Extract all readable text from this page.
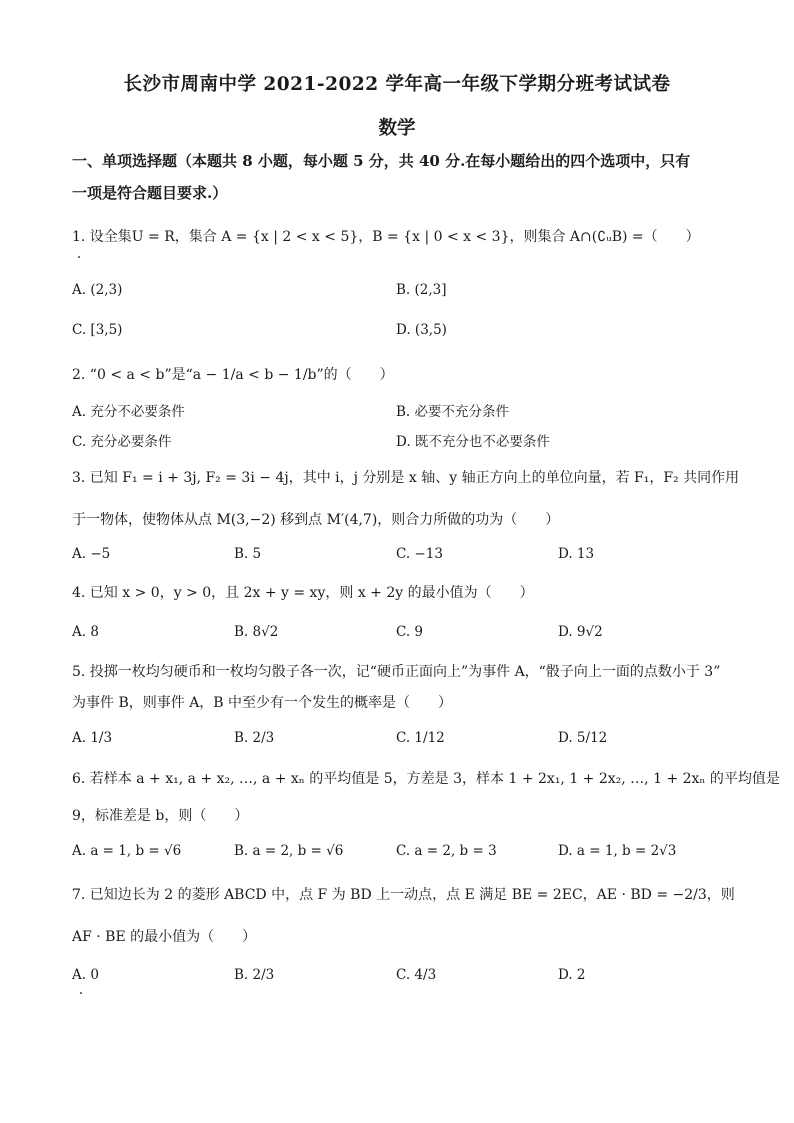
长沙市周南中学 2021-2022 学年高一年级下学期分班考试试卷
数学
一、单项选择题（本题共 8 小题，每小题 5 分，共 40 分.在每小题给出的四个选项中，只有
一项是符合题目要求.）
1. 设全集U = R，集合 A = {x | 2 < x < 5}，B = {x | 0 < x < 3}，则集合 A∩(∁ᵤB) =（　　）
A. (2,3)	B. (2,3]
C. [3,5)	D. (3,5)
2. “0 < a < b”是“a − 1/a < b − 1/b”的（　　）
A. 充分不必要条件	B. 必要不充分条件
C. 充分必要条件	D. 既不充分也不必要条件
3. 已知 F₁ = i + 3j, F₂ = 3i − 4j，其中 i，j 分别是 x 轴、y 轴正方向上的单位向量，若 F₁，F₂ 共同作用
于一物体，使物体从点 M(3,−2) 移到点 M′(4,7)，则合力所做的功为（　　）
A. −5	B. 5	C. −13	D. 13
4. 已知 x > 0，y > 0，且 2x + y = xy，则 x + 2y 的最小值为（　　）
A. 8	B. 8√2	C. 9	D. 9√2
5. 投掷一枚均匀硬币和一枚均匀骰子各一次，记“硬币正面向上”为事件 A，“骰子向上一面的点数小于 3”
为事件 B，则事件 A，B 中至少有一个发生的概率是（　　）
A. 1/3	B. 2/3	C. 1/12	D. 5/12
6. 若样本 a + x₁, a + x₂, …, a + xₙ 的平均值是 5，方差是 3，样本 1 + 2x₁, 1 + 2x₂, …, 1 + 2xₙ 的平均值是
9，标准差是 b，则（　　）
A. a = 1, b = √6	B. a = 2, b = √6	C. a = 2, b = 3	D. a = 1, b = 2√3
7. 已知边长为 2 的菱形 ABCD 中，点 F 为 BD 上一动点，点 E 满足 BE = 2EC，AE · BD = −2/3，则
AF · BE 的最小值为（　　）
A. 0	B. 2/3	C. 4/3	D. 2
